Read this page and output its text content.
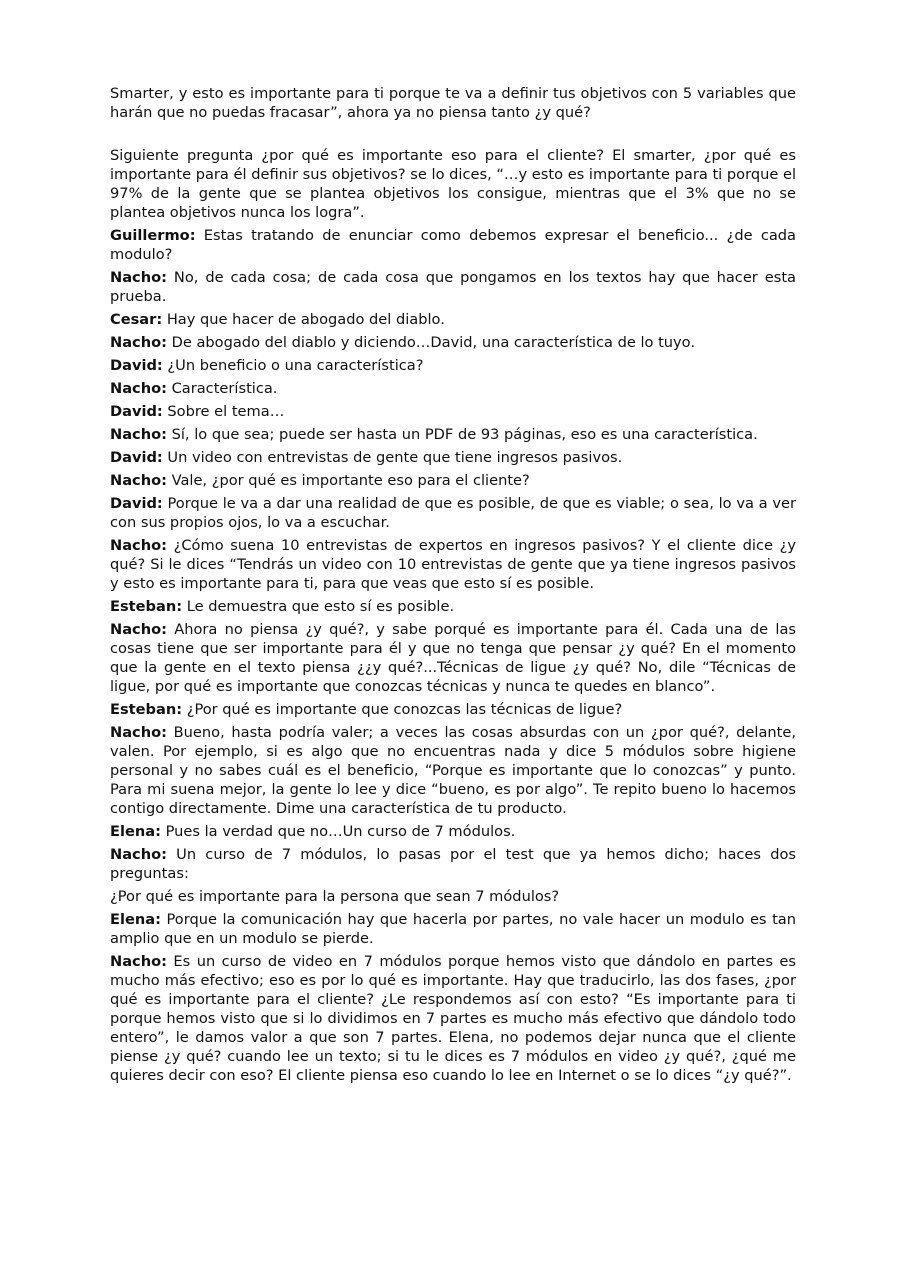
Smarter, y esto es importante para ti porque te va a definir tus objetivos con 5 variables que harán que no puedas fracasar”, ahora ya no piensa tanto ¿y qué?

Siguiente pregunta ¿por qué es importante eso para el cliente? El smarter, ¿por qué es importante para él definir sus objetivos? se lo dices, “…y esto es importante para ti porque el 97% de la gente que se plantea objetivos los consigue, mientras que el 3% que no se plantea objetivos nunca los logra”.

Guillermo: Estas tratando de enunciar como debemos expresar el beneficio... ¿de cada modulo?

Nacho: No, de cada cosa; de cada cosa que pongamos en los textos hay que hacer esta prueba.

Cesar: Hay que hacer de abogado del diablo.

Nacho: De abogado del diablo y diciendo…David, una característica de lo tuyo.

David: ¿Un beneficio o una característica?

Nacho: Característica.

David: Sobre el tema…

Nacho: Sí, lo que sea; puede ser hasta un PDF de 93 páginas, eso es una característica.

David: Un video con entrevistas de gente que tiene ingresos pasivos.

Nacho: Vale, ¿por qué es importante eso para el cliente?

David: Porque le va a dar una realidad de que es posible, de que es viable; o sea, lo va a ver con sus propios ojos, lo va a escuchar.

Nacho: ¿Cómo suena 10 entrevistas de expertos en ingresos pasivos? Y el cliente dice ¿y qué? Si le dices “Tendrás un video con 10 entrevistas de gente que ya tiene ingresos pasivos y esto es importante para ti, para que veas que esto sí es posible.

Esteban: Le demuestra que esto sí es posible.

Nacho: Ahora no piensa ¿y qué?, y sabe porqué es importante para él. Cada una de las cosas tiene que ser importante para él y que no tenga que pensar ¿y qué? En el momento que la gente en el texto piensa ¿¿y qué?...Técnicas de ligue ¿y qué? No, dile “Técnicas de ligue, por qué es importante que conozcas técnicas y nunca te quedes en blanco”.

Esteban: ¿Por qué es importante que conozcas las técnicas de ligue?

Nacho: Bueno, hasta podría valer; a veces las cosas absurdas con un ¿por qué?, delante, valen. Por ejemplo, si es algo que no encuentras nada y dice 5 módulos sobre higiene personal y no sabes cuál es el beneficio, “Porque es importante que lo conozcas” y punto. Para mi suena mejor, la gente lo lee y dice “bueno, es por algo”. Te repito bueno lo hacemos contigo directamente. Dime una característica de tu producto.

Elena: Pues la verdad que no…Un curso de 7 módulos.

Nacho: Un curso de 7 módulos, lo pasas por el test que ya hemos dicho; haces dos preguntas:

¿Por qué es importante para la persona que sean 7 módulos?

Elena: Porque la comunicación hay que hacerla por partes, no vale hacer un modulo es tan amplio que en un modulo se pierde.

Nacho: Es un curso de video en 7 módulos porque hemos visto que dándolo en partes es mucho más efectivo; eso es por lo qué es importante. Hay que traducirlo, las dos fases, ¿por qué es importante para el cliente? ¿Le respondemos así con esto? “Es importante para ti porque hemos visto que si lo dividimos en 7 partes es mucho más efectivo que dándolo todo entero”, le damos valor a que son 7 partes. Elena, no podemos dejar nunca que el cliente piense ¿y qué? cuando lee un texto; si tu le dices es 7 módulos en video ¿y qué?, ¿qué me quieres decir con eso? El cliente piensa eso cuando lo lee en Internet o se lo dices “¿y qué?”.
